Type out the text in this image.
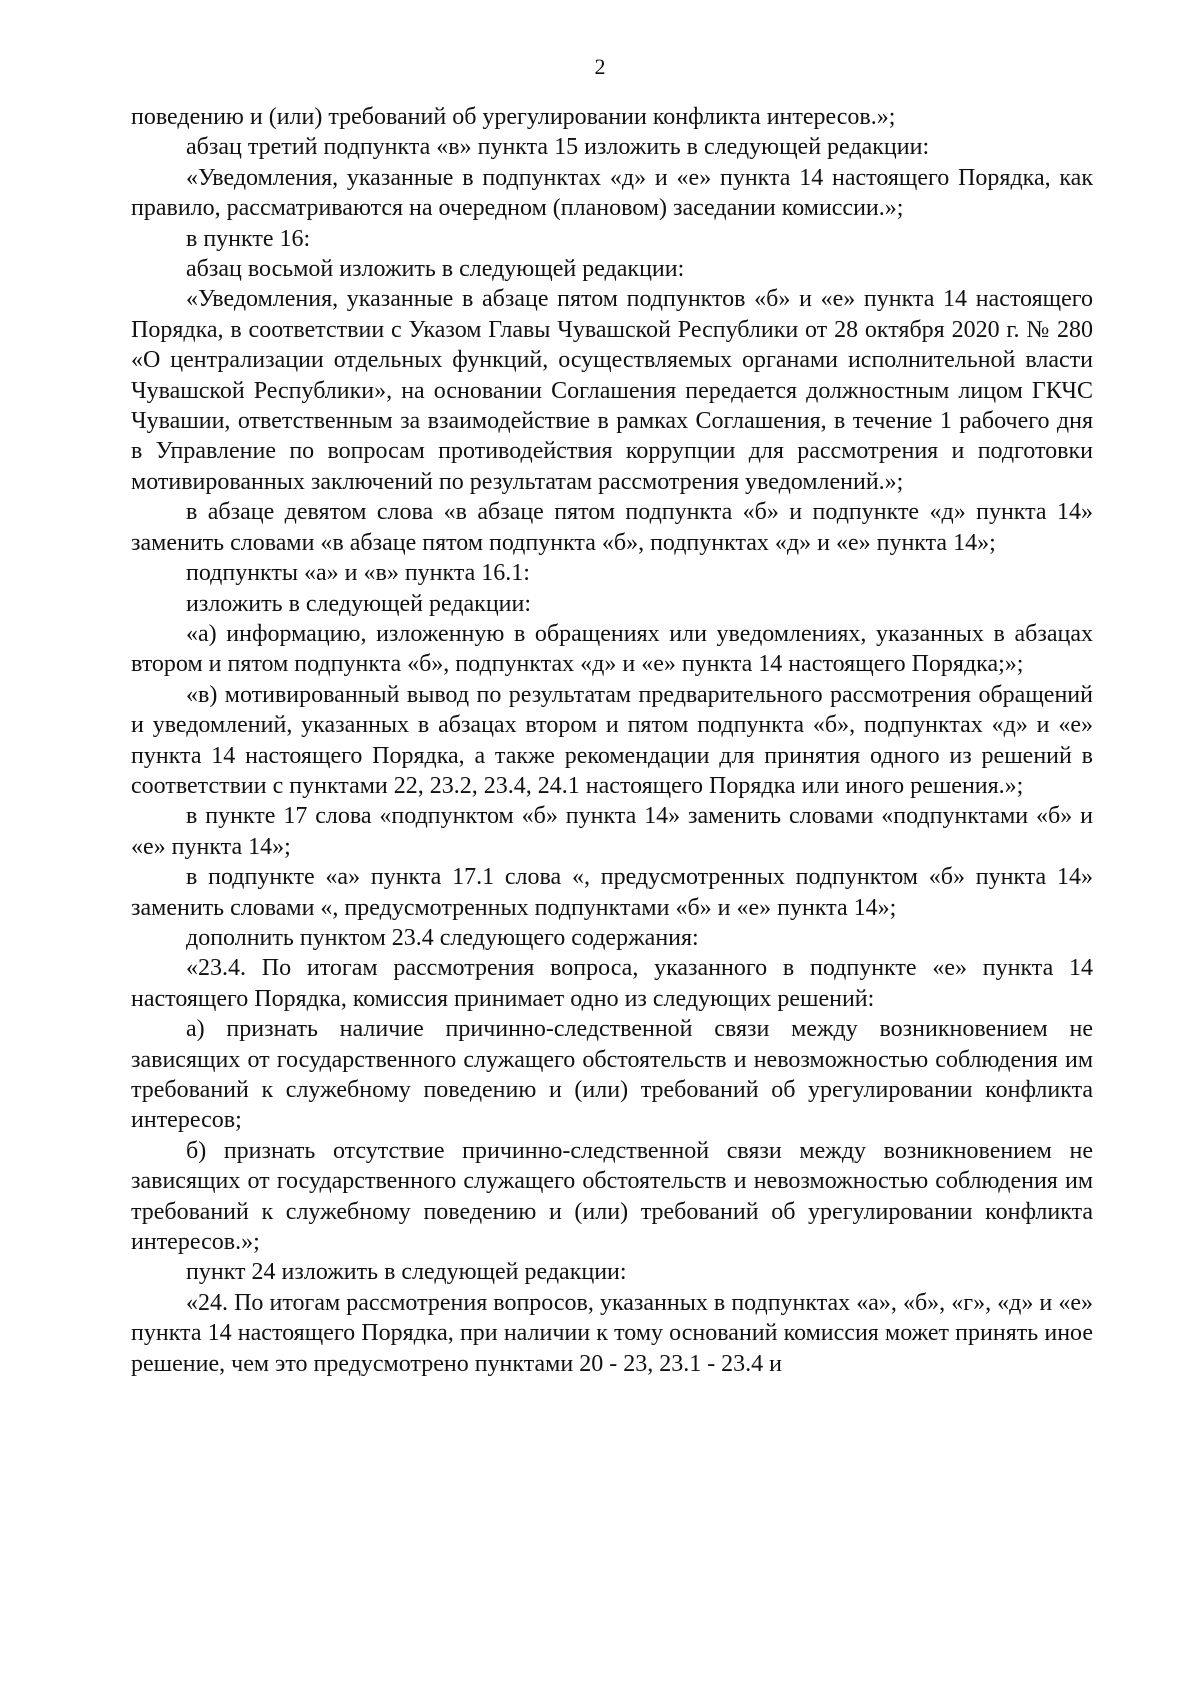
2

поведению и (или) требований об урегулировании конфликта интересов.»;

абзац третий подпункта «в» пункта 15 изложить в следующей редакции:

«Уведомления, указанные в подпунктах «д» и «е» пункта 14 настоящего Порядка, как правило, рассматриваются на очередном (плановом) заседании комиссии.»;

в пункте 16:

абзац восьмой изложить в следующей редакции:

«Уведомления, указанные в абзаце пятом подпунктов «б» и «е» пункта 14 настоящего Порядка, в соответствии с Указом Главы Чувашской Республики от 28 октября 2020 г. № 280 «О централизации отдельных функций, осуществляемых органами исполнительной власти Чувашской Республики», на основании Соглашения передается должностным лицом ГКЧС Чувашии, ответственным за взаимодействие в рамках Соглашения, в течение 1 рабочего дня в Управление по вопросам противодействия коррупции для рассмотрения и подготовки мотивированных заключений по результатам рассмотрения уведомлений.»;

в абзаце девятом слова «в абзаце пятом подпункта «б» и подпункте «д» пункта 14» заменить словами «в абзаце пятом подпункта «б», подпунктах «д» и «е» пункта 14»;

подпункты «а» и «в» пункта 16.1:

изложить в следующей редакции:

«а) информацию, изложенную в обращениях или уведомлениях, указанных в абзацах втором и пятом подпункта «б», подпунктах «д» и «е» пункта 14 настоящего Порядка;»;

«в) мотивированный вывод по результатам предварительного рассмотрения обращений и уведомлений, указанных в абзацах втором и пятом подпункта «б», подпунктах «д» и «е» пункта 14 настоящего Порядка, а также рекомендации для принятия одного из решений в соответствии с пунктами 22, 23.2, 23.4, 24.1 настоящего Порядка или иного решения.»;

в пункте 17 слова «подпунктом «б» пункта 14» заменить словами «подпунктами «б» и «е» пункта 14»;

в подпункте «а» пункта 17.1 слова «, предусмотренных подпунктом «б» пункта 14» заменить словами «, предусмотренных подпунктами «б» и «е» пункта 14»;

дополнить пунктом 23.4 следующего содержания:

«23.4. По итогам рассмотрения вопроса, указанного в подпункте «е» пункта 14 настоящего Порядка, комиссия принимает одно из следующих решений:

а) признать наличие причинно-следственной связи между возникновением не зависящих от государственного служащего обстоятельств и невозможностью соблюдения им требований к служебному поведению и (или) требований об урегулировании конфликта интересов;

б) признать отсутствие причинно-следственной связи между возникновением не зависящих от государственного служащего обстоятельств и невозможностью соблюдения им требований к служебному поведению и (или) требований об урегулировании конфликта интересов.»;

пункт 24 изложить в следующей редакции:

«24. По итогам рассмотрения вопросов, указанных в подпунктах «а», «б», «г», «д» и «е» пункта 14 настоящего Порядка, при наличии к тому оснований комиссия может принять иное решение, чем это предусмотрено пунктами 20 - 23, 23.1 - 23.4 и
